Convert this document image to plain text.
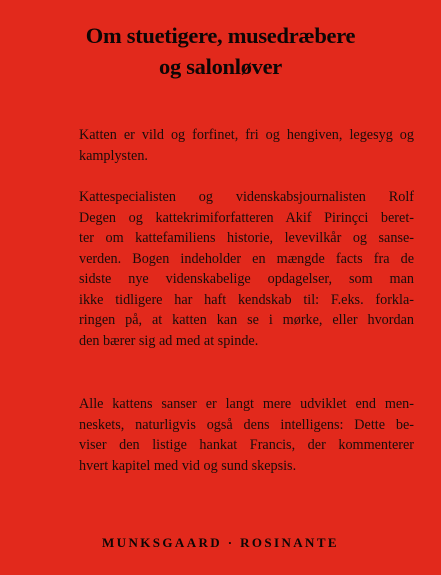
Om stuetigere, musedræbere
og salonløver
Katten er vild og forfinet, fri og hengiven, legesyg og
kamplysten.
Kattespecialisten og videnskabsjournalisten Rolf
Degen og kattekrimiforfatteren Akif Pirinçci beret-
ter om kattefamiliens historie, levevilkår og sanse-
verden. Bogen indeholder en mængde facts fra de
sidste nye videnskabelige opdagelser, som man
ikke tidligere har haft kendskab til: F.eks. forkla-
ringen på, at katten kan se i mørke, eller hvordan
den bærer sig ad med at spinde.
Alle kattens sanser er langt mere udviklet end men-
neskets, naturligvis også dens intelligens: Dette be-
viser den listige hankat Francis, der kommenterer
hvert kapitel med vid og sund skepsis.
MUNKSGAARD · ROSINANTE
